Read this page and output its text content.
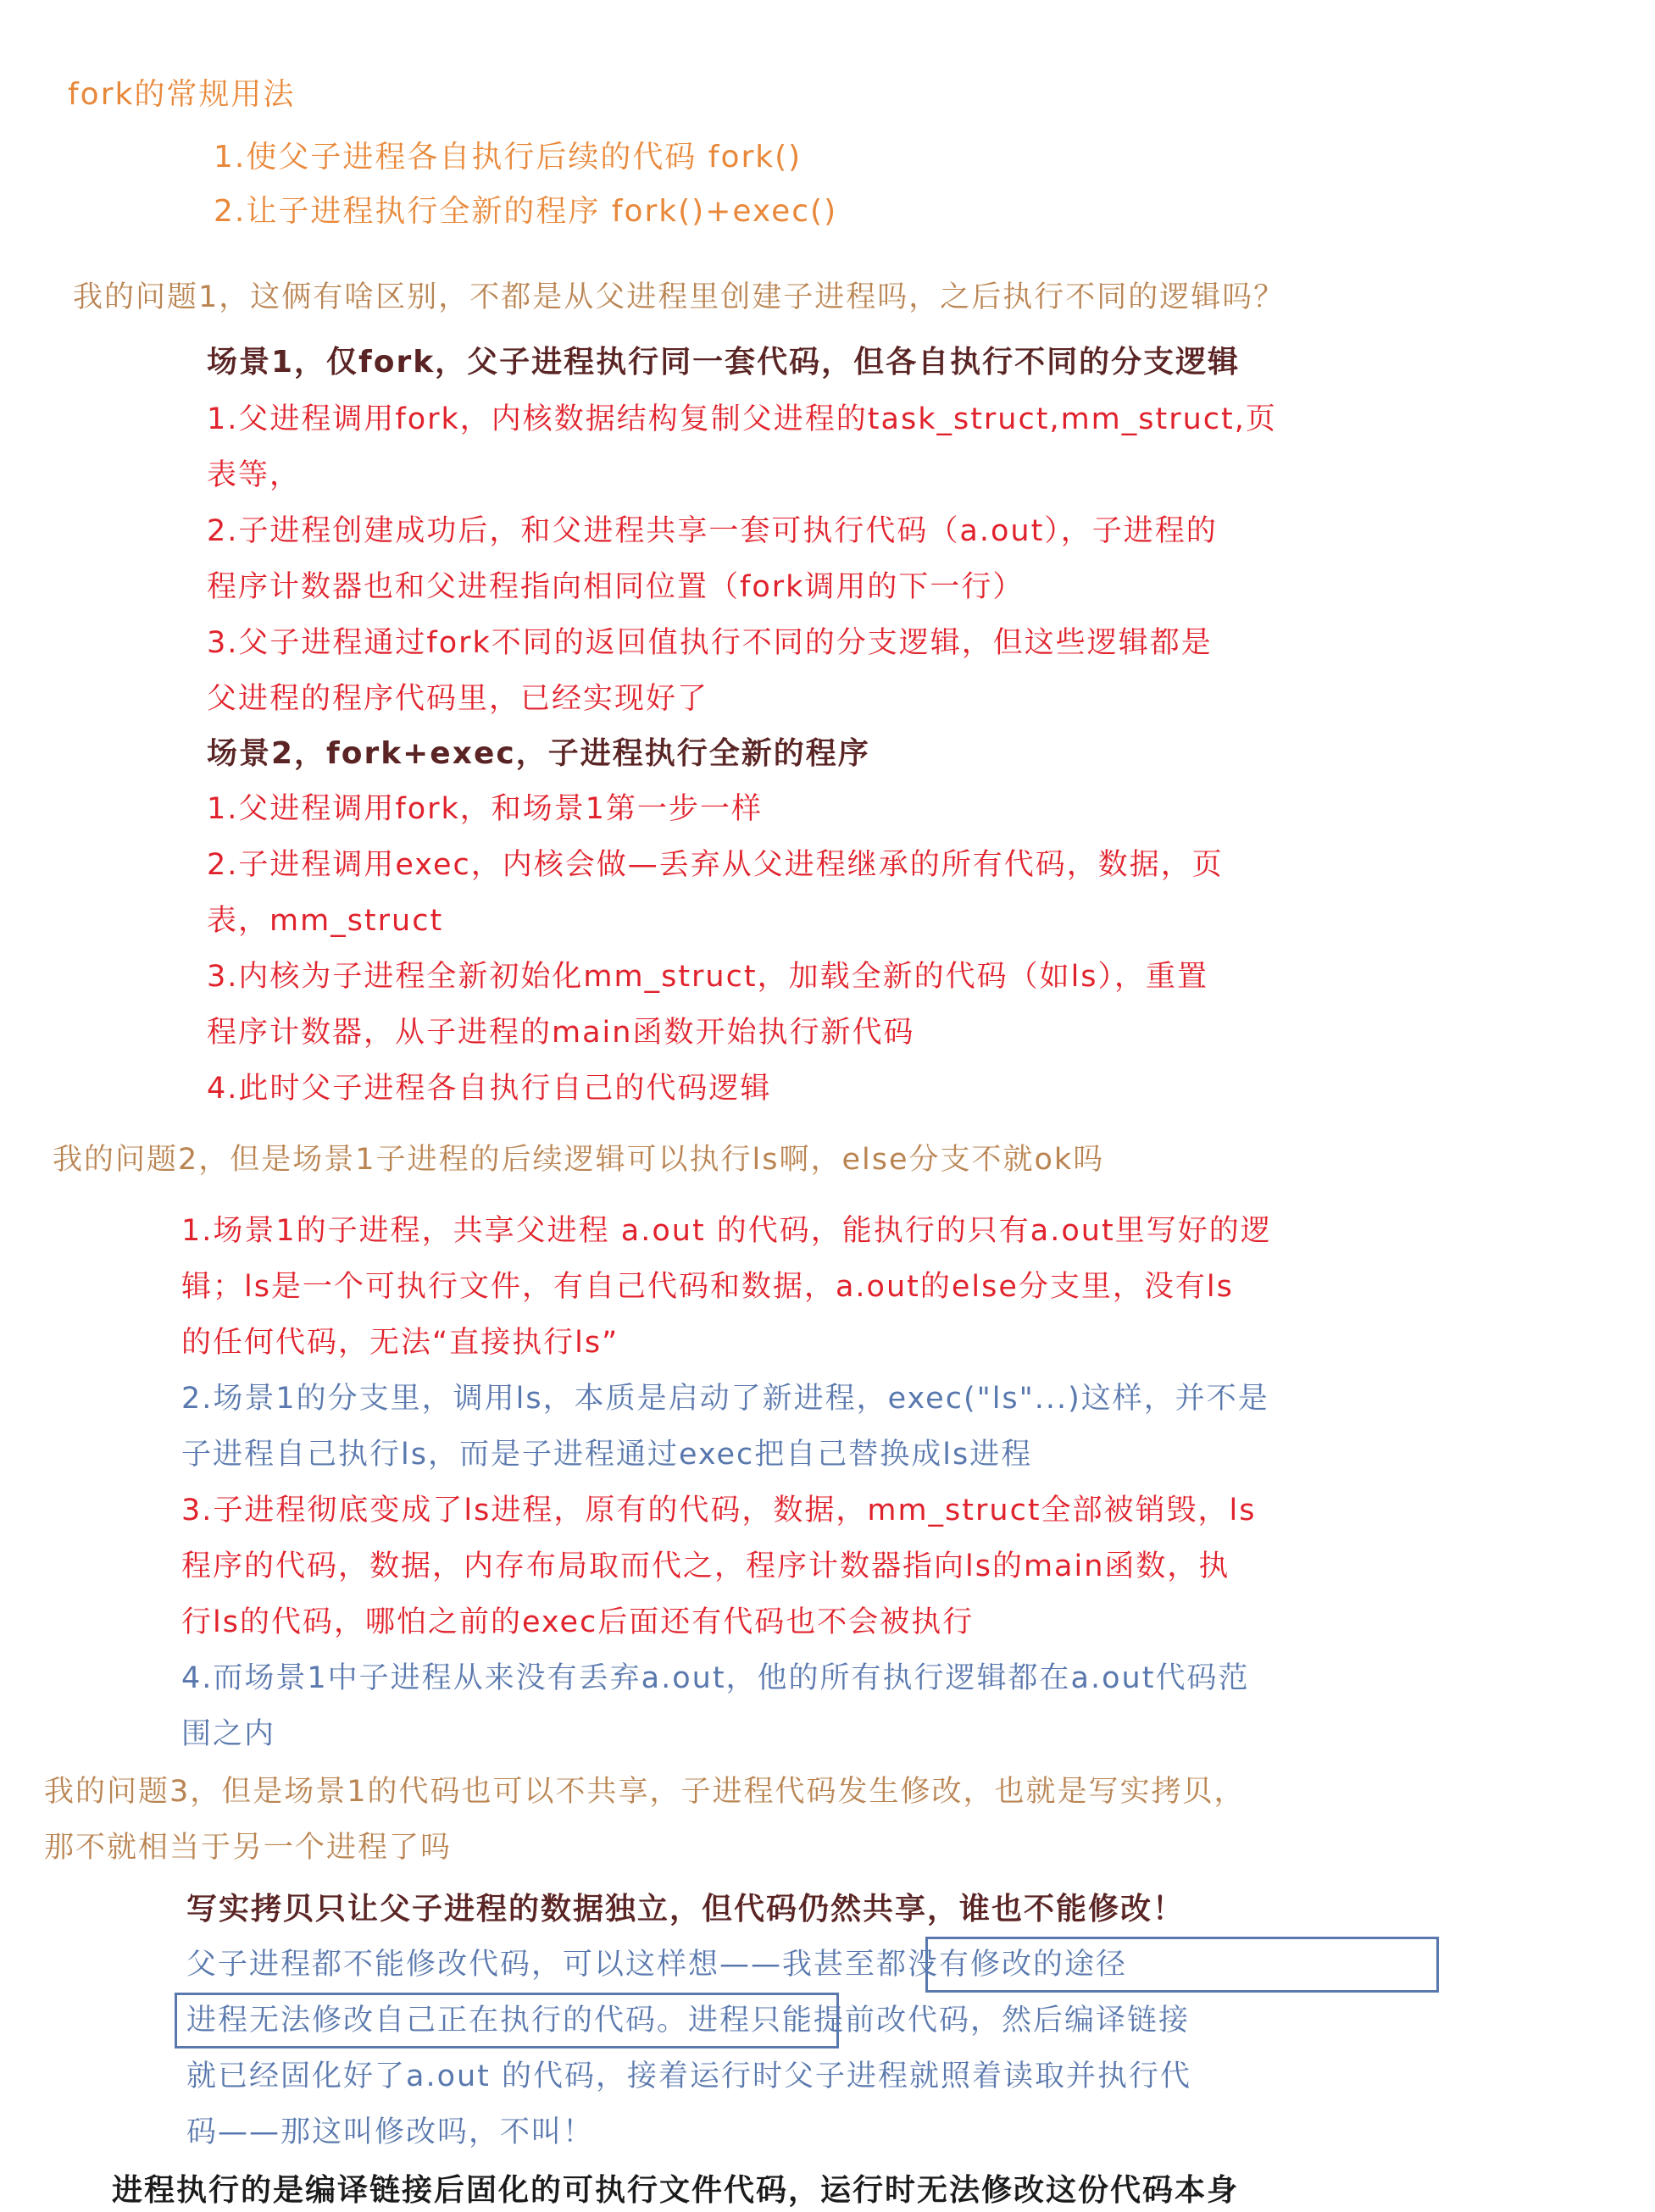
fork的常规用法
1.使父子进程各自执行后续的代码 fork()
2.让子进程执行全新的程序 fork()+exec()
我的问题1，这俩有啥区别，不都是从父进程里创建子进程吗，之后执行不同的逻辑吗？
场景1，仅fork，父子进程执行同一套代码，但各自执行不同的分支逻辑
1.父进程调用fork，内核数据结构复制父进程的task_struct,mm_struct,页
表等，
2.子进程创建成功后，和父进程共享一套可执行代码（a.out），子进程的
程序计数器也和父进程指向相同位置（fork调用的下一行）
3.父子进程通过fork不同的返回值执行不同的分支逻辑，但这些逻辑都是
父进程的程序代码里，已经实现好了
场景2，fork+exec，子进程执行全新的程序
1.父进程调用fork，和场景1第一步一样
2.子进程调用exec，内核会做—丢弃从父进程继承的所有代码，数据，页
表，mm_struct
3.内核为子进程全新初始化mm_struct，加载全新的代码（如ls），重置
程序计数器，从子进程的main函数开始执行新代码
4.此时父子进程各自执行自己的代码逻辑
我的问题2，但是场景1子进程的后续逻辑可以执行ls啊，else分支不就ok吗
1.场景1的子进程，共享父进程 a.out 的代码，能执行的只有a.out里写好的逻
辑；ls是一个可执行文件，有自己代码和数据，a.out的else分支里，没有ls
的任何代码，无法“直接执行ls”
2.场景1的分支里，调用ls，本质是启动了新进程，exec("ls"...)这样，并不是
子进程自己执行ls，而是子进程通过exec把自己替换成ls进程
3.子进程彻底变成了ls进程，原有的代码，数据，mm_struct全部被销毁，ls
程序的代码，数据，内存布局取而代之，程序计数器指向ls的main函数，执
行ls的代码，哪怕之前的exec后面还有代码也不会被执行
4.而场景1中子进程从来没有丢弃a.out，他的所有执行逻辑都在a.out代码范
围之内
我的问题3，但是场景1的代码也可以不共享，子进程代码发生修改，也就是写实拷贝，
那不就相当于另一个进程了吗
写实拷贝只让父子进程的数据独立，但代码仍然共享，谁也不能修改！
父子进程都不能修改代码，可以这样想——我甚至都没有修改的途径
进程无法修改自己正在执行的代码。进程只能提前改代码，然后编译链接
就已经固化好了a.out 的代码，接着运行时父子进程就照着读取并执行代
码——那这叫修改吗，不叫！
进程执行的是编译链接后固化的可执行文件代码，运行时无法修改这份代码本身
